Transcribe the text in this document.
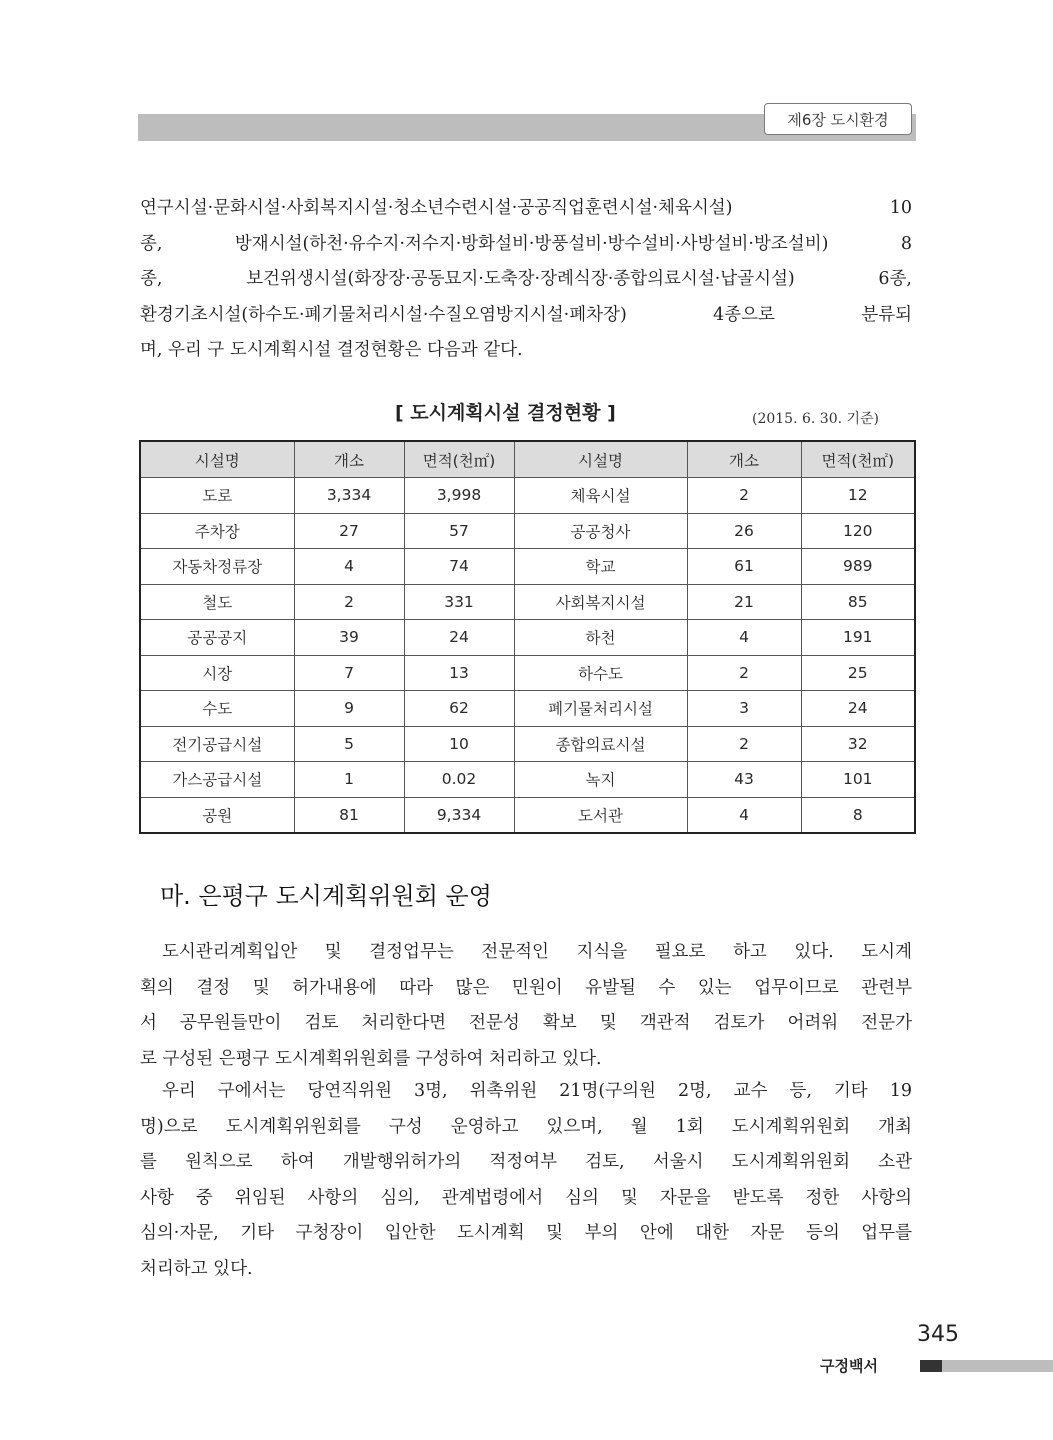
제6장 도시환경
연구시설·문화시설·사회복지시설·청소년수련시설·공공직업훈련시설·체육시설) 10
종, 방재시설(하천·유수지·저수지·방화설비·방풍설비·방수설비·사방설비·방조설비) 8
종, 보건위생시설(화장장·공동묘지·도축장·장례식장·종합의료시설·납골시설) 6종,
환경기초시설(하수도·폐기물처리시설·수질오염방지시설·폐차장) 4종으로 분류되
며, 우리 구 도시계획시설 결정현황은 다음과 같다.
[ 도시계획시설 결정현황 ]	(2015. 6. 30. 기준)
시설명	개소	면적(천㎡)	시설명	개소	면적(천㎡)
도로	3,334	3,998	체육시설	2	12
주차장	27	57	공공청사	26	120
자동차정류장	4	74	학교	61	989
철도	2	331	사회복지시설	21	85
공공공지	39	24	하천	4	191
시장	7	13	하수도	2	25
수도	9	62	폐기물처리시설	3	24
전기공급시설	5	10	종합의료시설	2	32
가스공급시설	1	0.02	녹지	43	101
공원	81	9,334	도서관	4	8
마. 은평구 도시계획위원회 운영
도시관리계획입안 및 결정업무는 전문적인 지식을 필요로 하고 있다. 도시계
획의 결정 및 허가내용에 따라 많은 민원이 유발될 수 있는 업무이므로 관련부
서 공무원들만이 검토 처리한다면 전문성 확보 및 객관적 검토가 어려워 전문가
로 구성된 은평구 도시계획위원회를 구성하여 처리하고 있다.
우리 구에서는 당연직위원 3명, 위촉위원 21명(구의원 2명, 교수 등, 기타 19
명)으로 도시계획위원회를 구성 운영하고 있으며, 월 1회 도시계획위원회 개최
를 원칙으로 하여 개발행위허가의 적정여부 검토, 서울시 도시계획위원회 소관
사항 중 위임된 사항의 심의, 관계법령에서 심의 및 자문을 받도록 정한 사항의
심의·자문, 기타 구청장이 입안한 도시계획 및 부의 안에 대한 자문 등의 업무를
처리하고 있다.
345
구정백서
